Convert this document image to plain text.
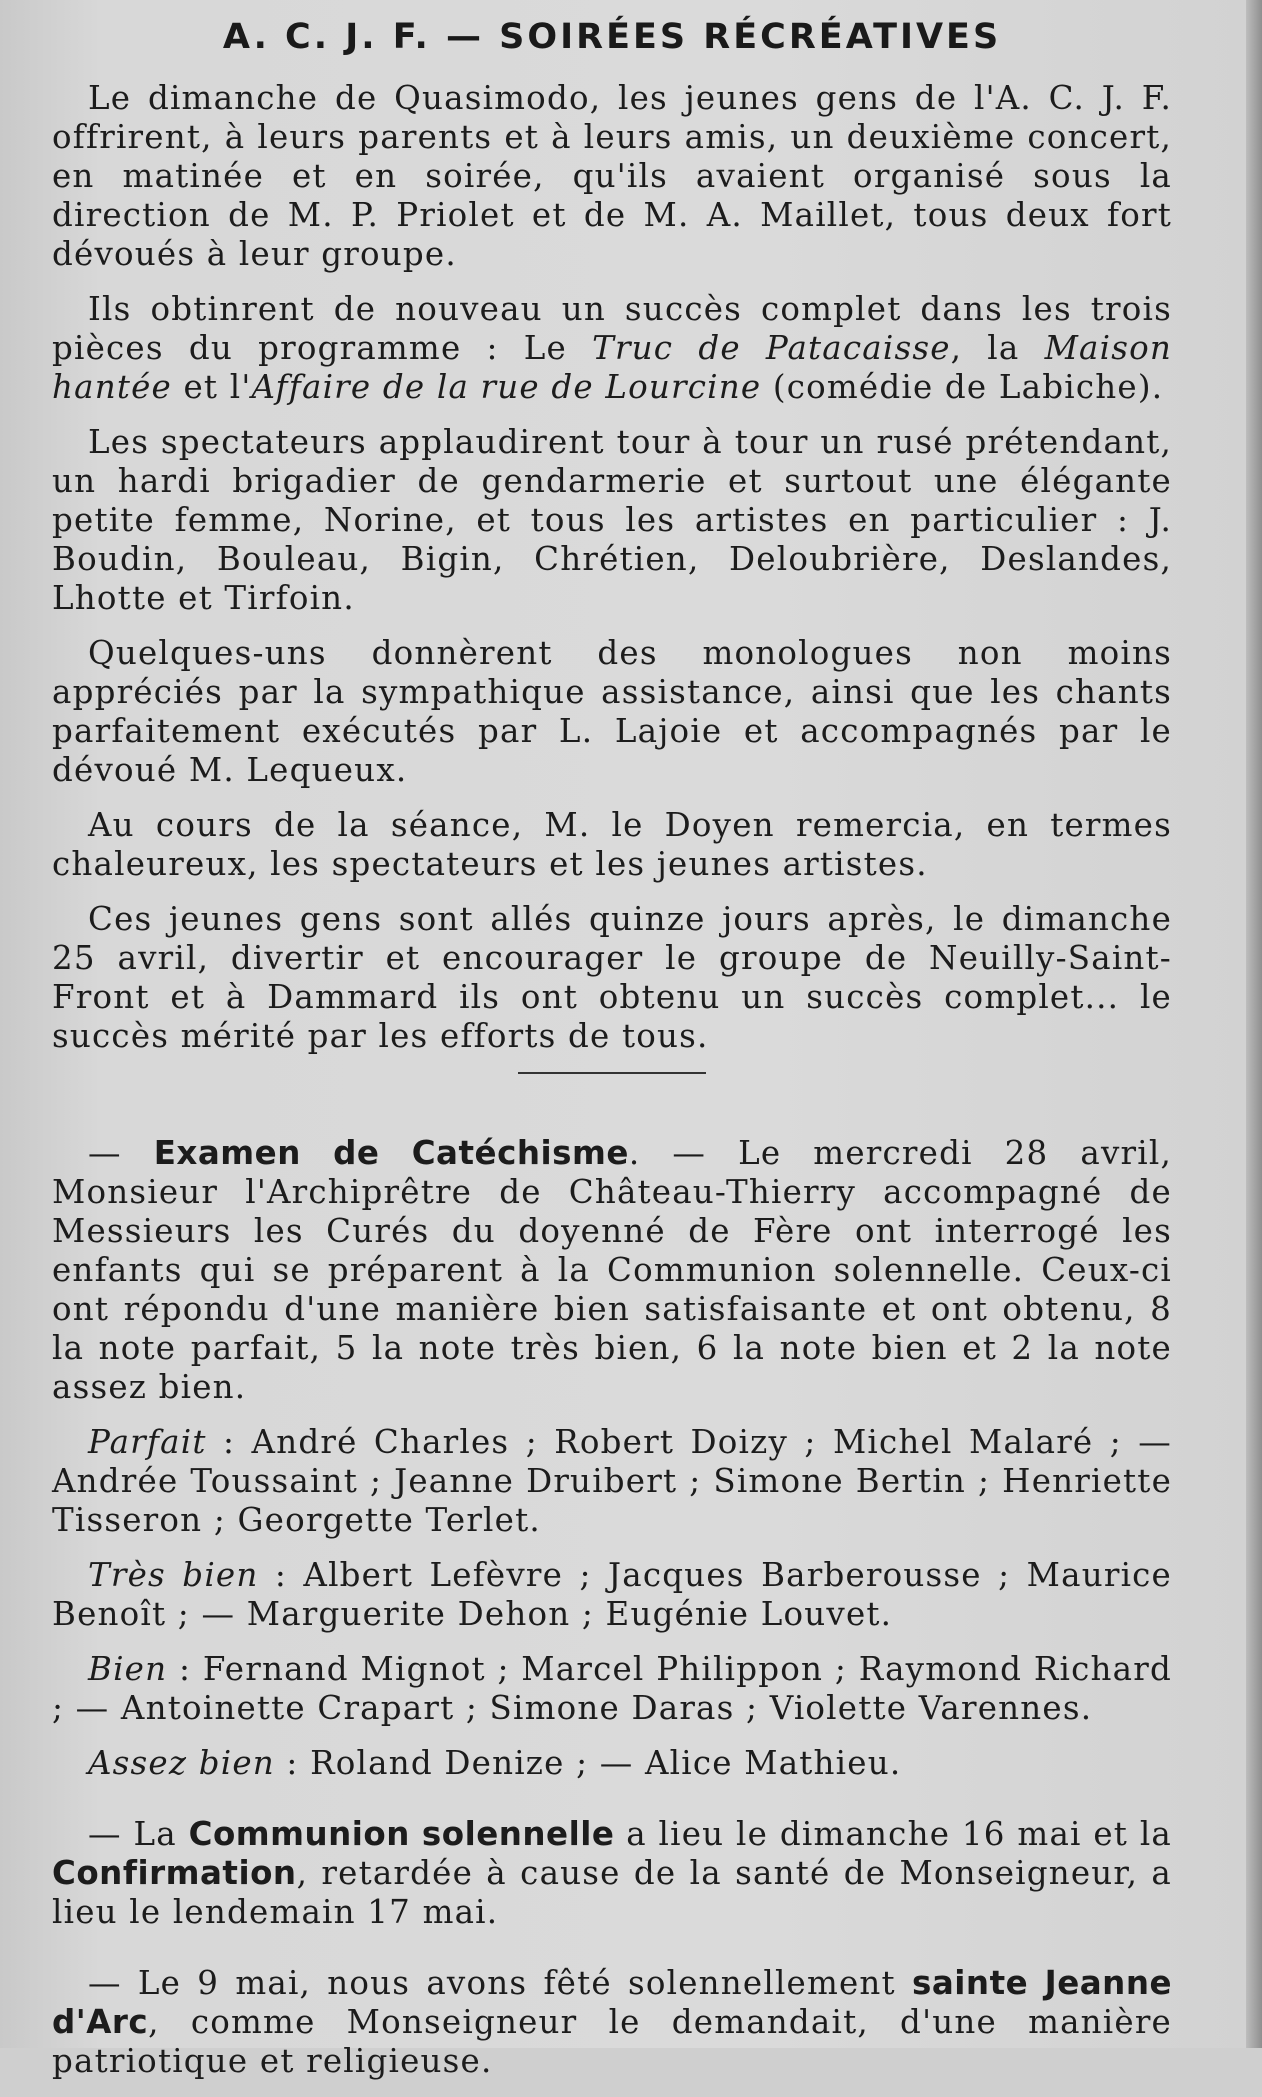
A. C. J. F. — SOIRÉES RÉCRÉATIVES

Le dimanche de Quasimodo, les jeunes gens de l'A. C. J. F. offrirent, à leurs parents et à leurs amis, un deuxième concert, en matinée et en soirée, qu'ils avaient organisé sous la direction de M. P. Priolet et de M. A. Maillet, tous deux fort dévoués à leur groupe.

Ils obtinrent de nouveau un succès complet dans les trois pièces du programme : Le Truc de Patacaisse, la Maison hantée et l'Affaire de la rue de Lourcine (comédie de Labiche).

Les spectateurs applaudirent tour à tour un rusé prétendant, un hardi brigadier de gendarmerie et surtout une élégante petite femme, Norine, et tous les artistes en particulier : J. Boudin, Bouleau, Bigin, Chrétien, Deloubrière, Deslandes, Lhotte et Tirfoin.

Quelques-uns donnèrent des monologues non moins appréciés par la sympathique assistance, ainsi que les chants parfaitement exécutés par L. Lajoie et accompagnés par le dévoué M. Lequeux.

Au cours de la séance, M. le Doyen remercia, en termes chaleureux, les spectateurs et les jeunes artistes.

Ces jeunes gens sont allés quinze jours après, le dimanche 25 avril, divertir et encourager le groupe de Neuilly-Saint-Front et à Dammard ils ont obtenu un succès complet... le succès mérité par les efforts de tous.

— Examen de Catéchisme. — Le mercredi 28 avril, Monsieur l'Archiprêtre de Château-Thierry accompagné de Messieurs les Curés du doyenné de Fère ont interrogé les enfants qui se préparent à la Communion solennelle. Ceux-ci ont répondu d'une manière bien satisfaisante et ont obtenu, 8 la note parfait, 5 la note très bien, 6 la note bien et 2 la note assez bien.

Parfait : André Charles ; Robert Doizy ; Michel Malaré ; — Andrée Toussaint ; Jeanne Druibert ; Simone Bertin ; Henriette Tisseron ; Georgette Terlet.

Très bien : Albert Lefèvre ; Jacques Barberousse ; Maurice Benoît ; — Marguerite Dehon ; Eugénie Louvet.

Bien : Fernand Mignot ; Marcel Philippon ; Raymond Richard ; — Antoinette Crapart ; Simone Daras ; Violette Varennes.

Assez bien : Roland Denize ; — Alice Mathieu.

— La Communion solennelle a lieu le dimanche 16 mai et la Confirmation, retardée à cause de la santé de Monseigneur, a lieu le lendemain 17 mai.

— Le 9 mai, nous avons fêté solennellement sainte Jeanne d'Arc, comme Monseigneur le demandait, d'une manière patriotique et religieuse.
